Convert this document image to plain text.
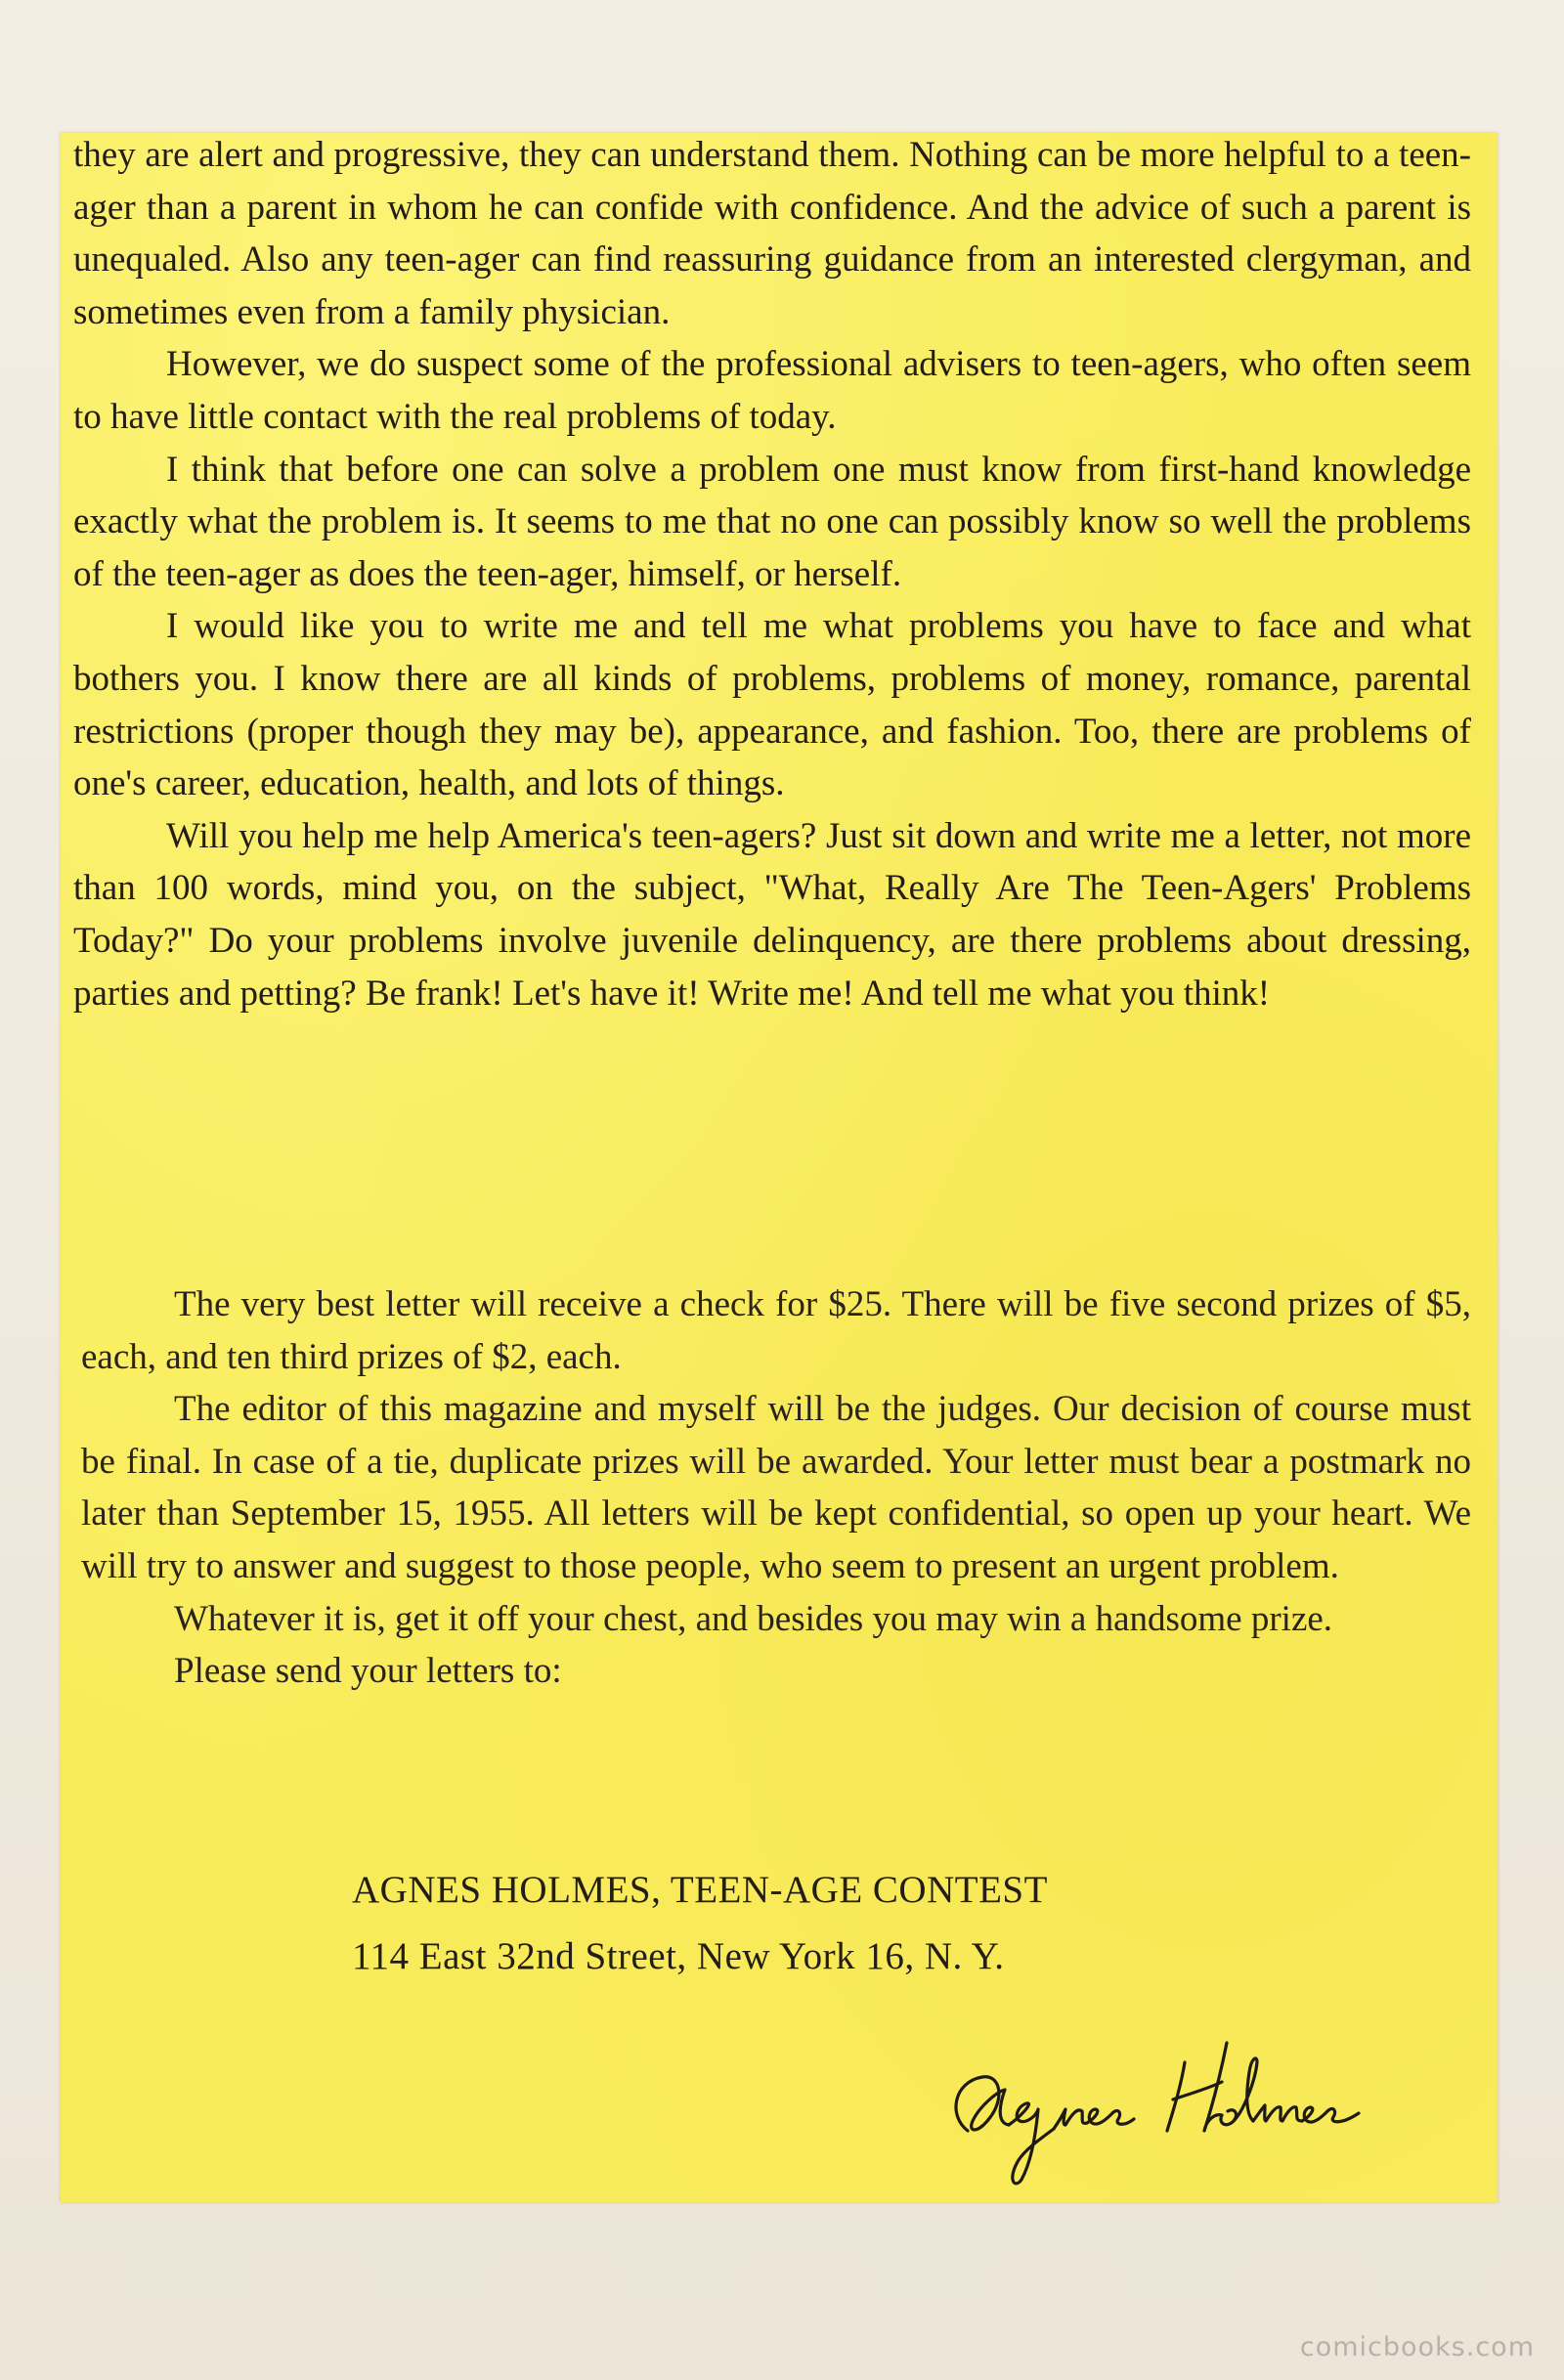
they are alert and progressive, they can understand them. Nothing can be more helpful to a teen-ager than a parent in whom he can confide with confidence. And the advice of such a parent is unequaled. Also any teen-ager can find reassuring guidance from an interested clergyman, and sometimes even from a family physician.

However, we do suspect some of the professional advisers to teen-agers, who often seem to have little contact with the real problems of today.

I think that before one can solve a problem one must know from first-hand knowledge exactly what the problem is. It seems to me that no one can possibly know so well the problems of the teen-ager as does the teen-ager, himself, or herself.

I would like you to write me and tell me what problems you have to face and what bothers you. I know there are all kinds of problems, problems of money, romance, parental restrictions (proper though they may be), appearance, and fashion. Too, there are problems of one's career, education, health, and lots of things.

Will you help me help America's teen-agers? Just sit down and write me a letter, not more than 100 words, mind you, on the subject, "What, Really Are The Teen-Agers' Problems Today?" Do your problems involve juvenile delinquency, are there problems about dressing, parties and petting? Be frank! Let's have it! Write me! And tell me what you think!

The very best letter will receive a check for $25. There will be five second prizes of $5, each, and ten third prizes of $2, each.

The editor of this magazine and myself will be the judges. Our decision of course must be final. In case of a tie, duplicate prizes will be awarded. Your letter must bear a postmark no later than September 15, 1955. All letters will be kept confidential, so open up your heart. We will try to answer and suggest to those people, who seem to present an urgent problem.

Whatever it is, get it off your chest, and besides you may win a handsome prize.

Please send your letters to:

AGNES HOLMES, TEEN-AGE CONTEST
114 East 32nd Street, New York 16, N. Y.
comicbooks.com
